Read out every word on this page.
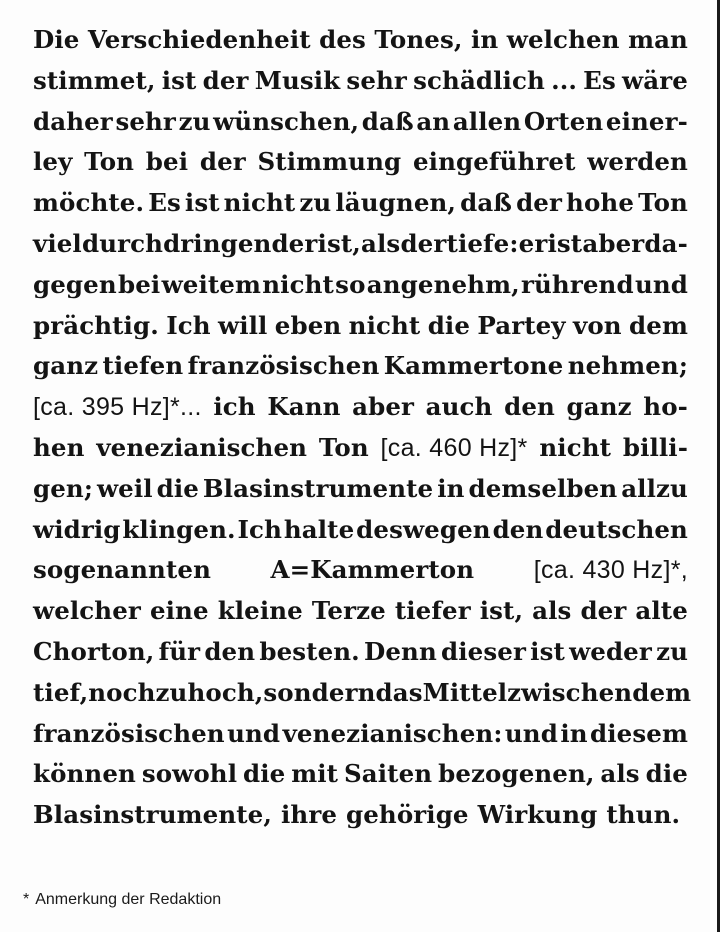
Die Verschiedenheit des Tones, in welchen man
stimmet, ist der Musik sehr schädlich ... Es wäre
daher sehr zu wünschen, daß an allen Orten einer-
ley Ton bei der Stimmung eingeführet werden
möchte. Es ist nicht zu läugnen, daß der hohe Ton
viel durchdringender ist, als der tiefe: er ist aber da-
gegen bei weitem nicht so angenehm, rührend und
prächtig. Ich will eben nicht die Partey von dem
ganz tiefen französischen Kammertone nehmen;
[ca. 395 Hz]*... ich Kann aber auch den ganz ho-
hen venezianischen Ton [ca. 460 Hz]* nicht billi-
gen; weil die Blasinstrumente in demselben allzu
widrig klingen. Ich halte deswegen den deutschen
sogenannten A=Kammerton [ca. 430 Hz]*,
welcher eine kleine Terze tiefer ist, als der alte
Chorton, für den besten. Denn dieser ist weder zu
tief, noch zu hoch, sondern das Mittel zwischen dem
französischen und venezianischen: und in diesem
können sowohl die mit Saiten bezogenen, als die
Blasinstrumente, ihre gehörige Wirkung thun.
* Anmerkung der Redaktion
